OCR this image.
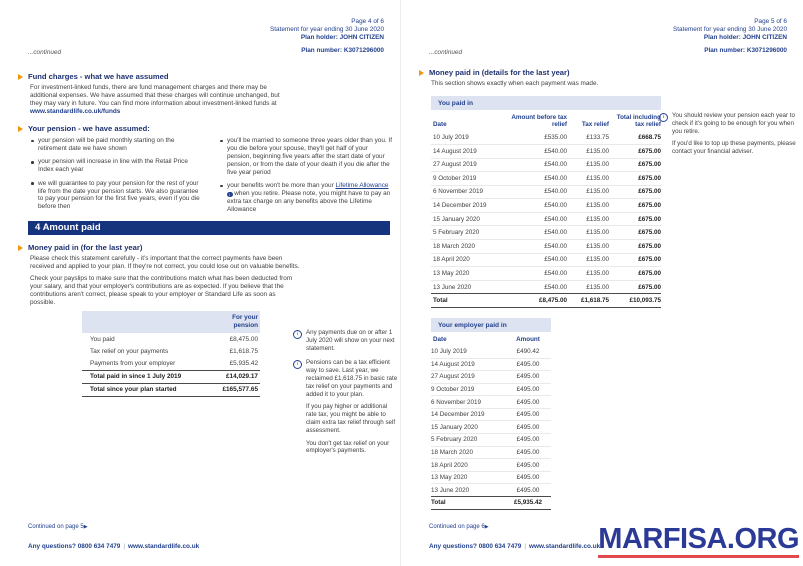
Page 4 of 6
Statement for year ending 30 June 2020
Plan holder: JOHN CITIZEN
Plan number: K3071296000
...continued
Fund charges - what we have assumed

For investment-linked funds, there are fund management charges and there may be additional expenses. We have assumed that these charges will continue unchanged, but they may vary in future. You can find more information about investment-linked funds at www.standardlife.co.uk/funds

Your pension - we have assumed:
your pension will be paid monthly starting on the retirement date we have shown
your pension will increase in line with the Retail Price Index each year
we will guarantee to pay your pension for the rest of your life from the date your pension starts. We also guarantee to pay your pension for the first five years, even if you die before then
you'll be married to someone three years older than you. If you die before your spouse, they'll get half of your pension, beginning five years after the start date of your pension, or from the date of your death if you die after the five year period
your benefits won't be more than your Lifetime Allowance i when you retire. Please note, you might have to pay an extra tax charge on any benefits above the Lifetime Allowance
4 Amount paid
Money paid in (for the last year)

Please check this statement carefully - it's important that the correct payments have been received and applied to your plan. If they're not correct, you could lose out on valuable benefits.

Check your payslips to make sure that the contributions match what has been deducted from your salary, and that your employer's contributions are as expected. If you believe that the contributions aren't correct, please speak to your employer or Standard Life as soon as possible.

For your pension
You paid	£8,475.00
Tax relief on your payments	£1,618.75
Payments from your employer	£5,935.42
Total paid in since 1 July 2019	£14,029.17
Total since your plan started	£165,577.65
i	Any payments due on or after 1 July 2020 will show on your next statement.
i	Pensions can be a tax efficient way to save. Last year, we reclaimed £1,618.75 in basic rate tax relief on your payments and added it to your plan.

If you pay higher or additional rate tax, you might be able to claim extra tax relief through self assessment.

You don't get tax relief on your employer's payments.

Continued on page 5▶
Any questions? 0800 634 7479 | www.standardlife.co.uk
Page 5 of 6
Statement for year ending 30 June 2020
Plan holder: JOHN CITIZEN
Plan number: K3071296000
...continued
Money paid in (details for the last year)

This section shows exactly when each payment was made.

You paid in
Date	Amount before tax relief	Tax relief	Total including tax relief
10 July 2019	£535.00	£133.75	£668.75
14 August 2019	£540.00	£135.00	£675.00
27 August 2019	£540.00	£135.00	£675.00
9 October 2019	£540.00	£135.00	£675.00
6 November 2019	£540.00	£135.00	£675.00
14 December 2019	£540.00	£135.00	£675.00
15 January 2020	£540.00	£135.00	£675.00
5 February 2020	£540.00	£135.00	£675.00
18 March 2020	£540.00	£135.00	£675.00
18 April 2020	£540.00	£135.00	£675.00
13 May 2020	£540.00	£135.00	£675.00
13 June 2020	£540.00	£135.00	£675.00
Total	£8,475.00	£1,618.75	£10,093.75
Your employer paid in
Date	Amount
10 July 2019	£490.42
14 August 2019	£495.00
27 August 2019	£495.00
9 October 2019	£495.00
6 November 2019	£495.00
14 December 2019	£495.00
15 January 2020	£495.00
5 February 2020	£495.00
18 March 2020	£495.00
18 April 2020	£495.00
13 May 2020	£495.00
13 June 2020	£495.00
Total	£5,935.42
i	You should review your pension each year to check if it's going to be enough for you when you retire.

If you'd like to top up these payments, please contact your financial adviser.

Continued on page 6▶
Any questions? 0800 634 7479 | www.standardlife.co.uk
MARFISA.ORG
